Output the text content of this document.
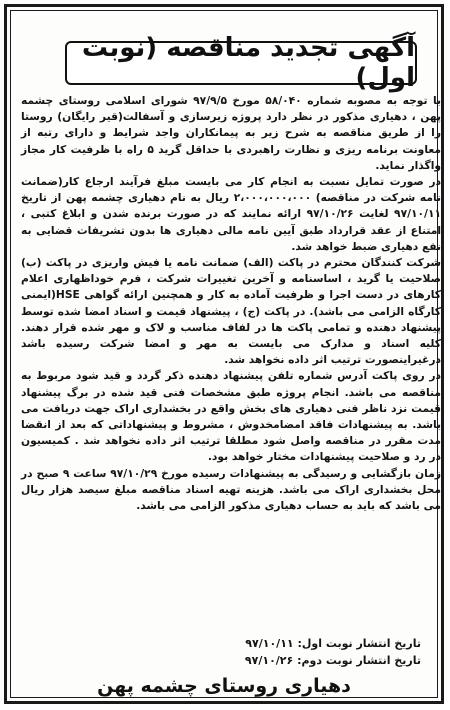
آگهی تجدید مناقصه (نوبت اول)

با توجه به مصوبه شماره ۵۸/۰۴۰ مورخ ۹۷/۹/۵ شورای اسلامی روستای چشمه پهن ، دهیاری مذکور در نظر دارد پروژه زیرسازی و آسفالت(قیر رایگان) روستا را از طریق مناقصه به شرح زیر به پیمانکاران واجد شرایط و دارای رتبه از معاونت برنامه ریزی و نظارت راهبردی با حداقل گرید ۵ راه با ظرفیت کار مجاز واگذار نماید.

در صورت تمایل نسبت به انجام کار می بایست مبلغ فرآیند ارجاع کار(ضمانت نامه شرکت در مناقصه) ۲،۰۰۰،۰۰۰،۰۰۰ ریال به نام دهیاری چشمه پهن از تاریخ ۹۷/۱۰/۱۱ لغایت ۹۷/۱۰/۲۶ ارائه نمایند که در صورت برنده شدن و ابلاغ کتبی ، امتناع از عقد قرارداد طبق آیین نامه مالی دهیاری ها بدون تشریفات قضایی به نفع دهیاری ضبط خواهد شد.

شرکت کنندگان محترم در پاکت (الف) ضمانت نامه یا فیش واریزی در پاکت (ب) صلاحیت یا گرید ، اساسنامه و آخرین تغییرات شرکت ، فرم خوداظهاری اعلام کارهای در دست اجرا و ظرفیت آماده به کار و همچنین ارائه گواهی HSE(ایمنی کارگاه الزامی می باشد). در پاکت (ج) ، پیشنهاد قیمت و اسناد امضا شده توسط پیشنهاد دهنده و تمامی پاکت ها در لفاف مناسب و لاک و مهر شده قرار دهند. کلیه اسناد و مدارک می بایست به مهر و امضا شرکت رسیده باشد درغیراینصورت ترتیب اثر داده نخواهد شد.

در روی پاکت آدرس شماره تلفن پیشنهاد دهنده ذکر گردد و قید شود مربوط به مناقصه می باشد. انجام پروژه طبق مشخصات فنی قید شده در برگ پیشنهاد قیمت نزد ناظر فنی دهیاری های بخش واقع در بخشداری اراک جهت دریافت می باشد. به پیشنهادات فاقد امضامخدوش ، مشروط و پیشنهاداتی که بعد از انقضا مدت مقرر در مناقصه واصل شود مطلقا ترتیب اثر داده نخواهد شد . کمیسیون در رد و صلاحیت پیشنهادات مختار خواهد بود.

زمان بازگشایی و رسیدگی به پیشنهادات رسیده مورخ ۹۷/۱۰/۲۹ ساعت ۹ صبح در محل بخشداری اراک می باشد. هزینه تهیه اسناد مناقصه مبلغ سیصد هزار ریال می باشد که باید به حساب دهیاری مذکور الزامی می باشد.

تاریخ انتشار نوبت اول: ۹۷/۱۰/۱۱
تاریخ انتشار نوبت دوم: ۹۷/۱۰/۲۶
دهیاری روستای چشمه پهن
